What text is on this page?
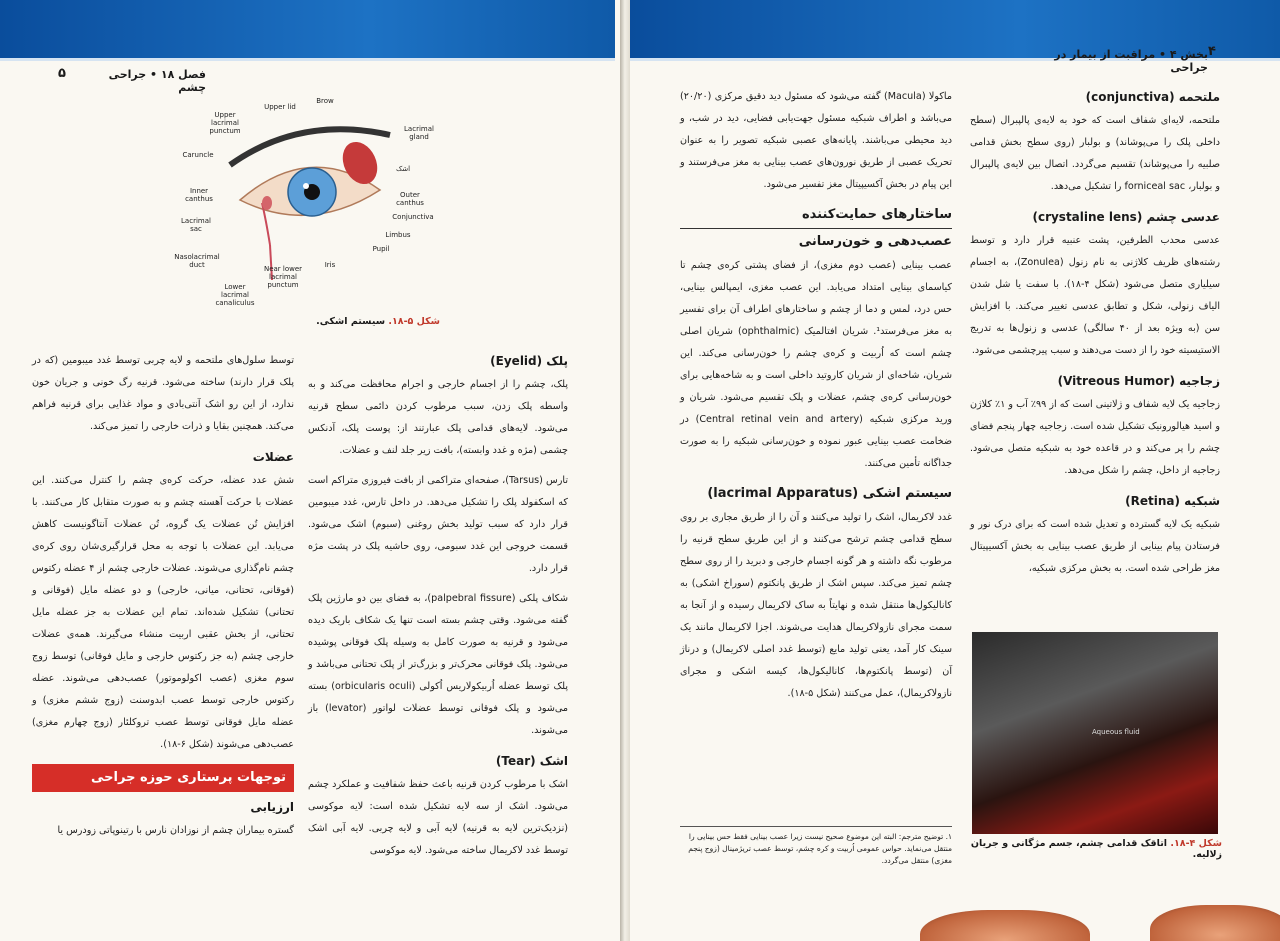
۵	فصل ۱۸ • جراحی چشم
Upper lacrimal punctum
Upper lid
Brow
Lacrimal gland
Caruncle
اشک
Inner canthus	Outer canthus
Lacrimal sac
Conjunctiva
Limbus
Pupil
Nasolacrimal duct	Iris
Near lower lacrimal punctum
Lower lacrimal canaliculus
شکل ۵-۱۸. سیستم اشکی.
پلک (Eyelid)

پلک، چشم را از اجسام خارجی و اجرام محافظت می‌کند و به واسطه پلک زدن، سبب مرطوب کردن دائمی سطح قرنیه می‌شود. لایه‌های قدامی پلک عبارتند از: پوست پلک، آدنکس چشمی (مژه و غدد وابسته)، بافت زیر جلد لنف و عضلات.

تارس (Tarsus)، صفحه‌ای متراکمی از بافت فیروزی متراکم است که اسکفولد پلک را تشکیل می‌دهد. در داخل تارس، غدد میبومین قرار دارد که سبب تولید بخش روغنی (سبوم) اشک می‌شود. قسمت خروجی این غدد سبومی، روی حاشیه پلک در پشت مژه قرار دارد.

شکاف پلکی (palpebral fissure)، به فضای بین دو مارژین پلک گفته می‌شود. وقتی چشم بسته است تنها یک شکاف باریک دیده می‌شود و قرنیه به صورت کامل به وسیله پلک فوقانی پوشیده می‌شود. پلک فوقانی محرک‌تر و بزرگ‌تر از پلک تحتانی می‌باشد و پلک توسط عضله اُربیکولاریس اُکولی (orbicularis oculi) بسته می‌شود و پلک فوقانی توسط عضلات لواتور (levator) باز می‌شوند.

اشک (Tear)

اشک با مرطوب کردن قرنیه باعث حفظ شفافیت و عملکرد چشم می‌شود. اشک از سه لایه تشکیل شده است: لایه موکوسی (نزدیک‌ترین لایه به قرنیه) لایه آبی و لایه چربی. لایه آبی اشک توسط غدد لاکریمال ساخته می‌شود. لایه موکوسی

توسط سلول‌های ملتحمه و لایه چربی توسط غدد میبومین (که در پلک قرار دارند) ساخته می‌شود. قرنیه رگ خونی و جریان خون ندارد، از این رو اشک آنتی‌بادی و مواد غذایی برای قرنیه فراهم می‌کند. همچنین بقایا و ذرات خارجی را تمیز می‌کند.

عضلات

شش عدد عضله، حرکت کره‌ی چشم را کنترل می‌کنند. این عضلات با حرکت آهسته چشم و به صورت متقابل کار می‌کنند. با افزایش تُن عضلات یک گروه، تُن عضلات آنتاگونیست کاهش می‌یابد. این عضلات با توجه به محل قرارگیری‌شان روی کره‌ی چشم نام‌گذاری می‌شوند. عضلات خارجی چشم از ۴ عضله رکتوس (فوقانی، تحتانی، میانی، خارجی) و دو عضله مایل (فوقانی و تحتانی) تشکیل شده‌اند. تمام این عضلات به جز عضله مایل تحتانی، از بخش عقبی اربیت منشاء می‌گیرند. همه‌ی عضلات خارجی چشم (به جز رکتوس خارجی و مایل فوقانی) توسط زوج سوم مغزی (عصب اکولوموتور) عصب‌دهی می‌شوند. عضله رکتوس خارجی توسط عصب ابدوسنت (زوج ششم مغزی) و عضله مایل فوقانی توسط عصب تروکلئار (زوج چهارم مغزی) عصب‌دهی می‌شوند (شکل ۶-۱۸).

توجهات پرستاری حوزه جراحی
ارزیابی

گستره بیماران چشم از نوزادان نارس با رتینوپاتی زودرس یا

بخش ۴ • مراقبت از بیمار در جراحی
۴
ملتحمه (conjunctiva)

ملتحمه، لایه‌ای شفاف است که خود به لایه‌ی پالپبرال (سطح داخلی پلک را می‌پوشاند) و بولبار (روی سطح بخش قدامی صلبیه را می‌پوشاند) تقسیم می‌گردد. اتصال بین لایه‌ی پالپبرال و بولبار، forniceal sac را تشکیل می‌دهد.

عدسی چشم (crystaline lens)

عدسی محدب الطرفین، پشت عنبیه قرار دارد و توسط رشته‌های ظریف کلاژنی به نام زنول (Zonulea)، به اجسام سیلیاری متصل می‌شود (شکل ۴-۱۸). با سفت یا شل شدن الیاف زنولی، شکل و تطابق عدسی تغییر می‌کند. با افزایش سن (به ویژه بعد از ۴۰ سالگی) عدسی و زنول‌ها به تدریج الاستیسیته خود را از دست می‌دهند و سبب پیرچشمی می‌شود.

زجاجیه (Vitreous Humor)

زجاجیه یک لایه شفاف و ژلاتینی است که از ۹۹٪ آب و ۱٪ کلاژن و اسید هیالورونیک تشکیل شده است. زجاجیه چهار پنجم فضای چشم را پر می‌کند و در قاعده خود به شبکیه متصل می‌شود. زجاجیه از داخل، چشم را شکل می‌دهد.

شبکیه (Retina)

شبکیه یک لایه گسترده و تعدیل شده است که برای درک نور و فرستادن پیام بینایی از طریق عصب بینایی به بخش آکسیپیتال مغز طراحی شده است. به بخش مرکزی شبکیه،

Aqueous fluid
شکل ۴-۱۸. اتاقک قدامی چشم، جسم مژگانی و جریان زلالیه.

ماکولا (Macula) گفته می‌شود که مسئول دید دقیق مرکزی (۲۰/۲۰) می‌باشد و اطراف شبکیه مسئول جهت‌یابی فضایی، دید در شب، و دید محیطی می‌باشند. پایانه‌های عصبی شبکیه تصویر را به عنوان تحریک عصبی از طریق نورون‌های عصب بینایی به مغز می‌فرستند و این پیام در بخش آکسیپیتال مغز تفسیر می‌شود.

ساختارهای حمایت‌کننده
عصب‌دهی و خون‌رسانی

عصب بینایی (عصب دوم مغزی)، از فضای پشتی کره‌ی چشم تا کیاسمای بینایی امتداد می‌یابد. این عصب مغزی، ایمپالس بینایی، حس درد، لمس و دما از چشم و ساختارهای اطراف آن برای تفسیر به مغز می‌فرستد¹. شریان افتالمیک (ophthalmic) شریان اصلی چشم است که اُربیت و کره‌ی چشم را خون‌رسانی می‌کند. این شریان، شاخه‌ای از شریان کاروتید داخلی است و به شاخه‌هایی برای خون‌رسانی کره‌ی چشم، عضلات و پلک تقسیم می‌شود. شریان و ورید مرکزی شبکیه (Central retinal vein and artery) در ضخامت عصب بینایی عبور نموده و خون‌رسانی شبکیه را به صورت جداگانه تأمین می‌کنند.

سیستم اشکی (lacrimal Apparatus)

غدد لاکریمال، اشک را تولید می‌کنند و آن را از طریق مجاری بر روی سطح قدامی چشم ترشح می‌کنند و از این طریق سطح قرنیه را مرطوب نگه داشته و هر گونه اجسام خارجی و دبرید را از روی سطح چشم تمیز می‌کند. سپس اشک از طریق پانکتوم (سوراخ اشکی) به کانالیکول‌ها منتقل شده و نهایتاً به ساک لاکریمال رسیده و از آنجا به سمت مجرای نازولاکریمال هدایت می‌شوند. اجزا لاکریمال مانند یک سینک کار آمد، یعنی تولید مایع (توسط غدد اصلی لاکریمال) و درناژ آن (توسط پانکتوم‌ها، کانالیکول‌ها، کیسه اشکی و مجرای نازولاکریمال)، عمل می‌کنند (شکل ۵-۱۸).

۱. توضیح مترجم: البته این موضوع صحیح نیست زیرا عصب بینایی فقط حس بینایی را منتقل می‌نماید. حواس عمومی اُربیت و کره چشم، توسط عصب تریژمینال (زوج پنجم مغزی) منتقل می‌گردد.
